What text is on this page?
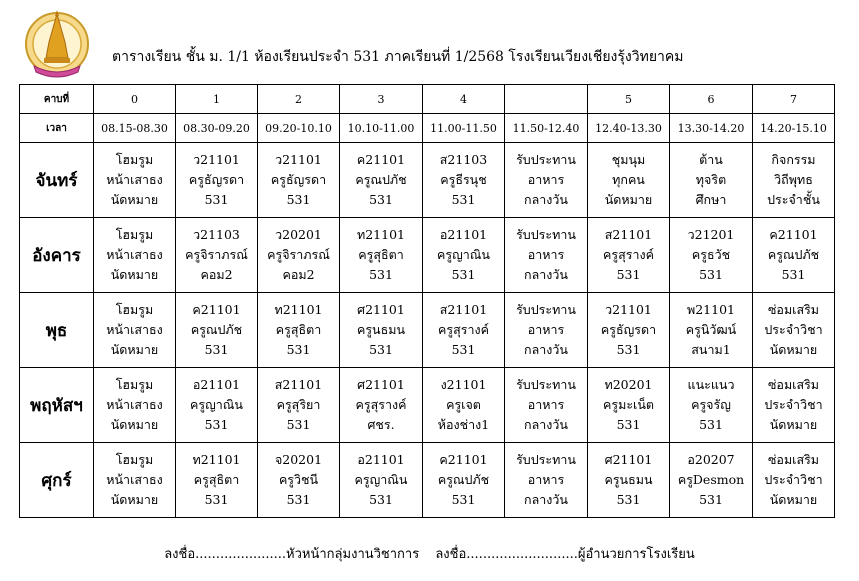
ตารางเรียน ชั้น ม. 1/1 ห้องเรียนประจำ 531 ภาคเรียนที่ 1/2568 โรงเรียนเวียงเชียงรุ้งวิทยาคม
คาบที่	0	1	2	3	4		5	6	7
เวลา	08.15-08.30	08.30-09.20	09.20-10.10	10.10-11.00	11.00-11.50	11.50-12.40	12.40-13.30	13.30-14.20	14.20-15.10
จันทร์	โฮมรูม
หน้าเสาธง
นัดหมาย	ว21101
ครูธัญรดา
531	ว21101
ครูธัญรดา
531	ค21101
ครูณปภัช
531	ส21103
ครูธีรนุช
531	รับประทาน
อาหาร
กลางวัน	ชุมนุม
ทุกคน
นัดหมาย	ต้าน
ทุจริต
ศึกษา	กิจกรรม
วิถีพุทธ
ประจำชั้น

อังคาร	โฮมรูม
หน้าเสาธง
นัดหมาย	ว21103
ครูจิราภรณ์
คอม2	ว20201
ครูจิราภรณ์
คอม2	ท21101
ครูสุธิตา
531	อ21101
ครูญาณิน
531	รับประทาน
อาหาร
กลางวัน	ส21101
ครูสุรางค์
531	ว21201
ครูธวัช
531	ค21101
ครูณปภัช
531

พุธ	โฮมรูม
หน้าเสาธง
นัดหมาย	ค21101
ครูณปภัช
531	ท21101
ครูสุธิตา
531	ศ21101
ครูนธมน
531	ส21101
ครูสุรางค์
531	รับประทาน
อาหาร
กลางวัน	ว21101
ครูธัญรดา
531	พ21101
ครูนิวัฒน์
สนาม1	ซ่อมเสริม
ประจำวิชา
นัดหมาย

พฤหัสฯ	โฮมรูม
หน้าเสาธง
นัดหมาย	อ21101
ครูญาณิน
531	ส21101
ครูสุริยา
531	ศ21101
ครูสุรางค์
ศชร.	ง21101
ครูเจต
ห้องช่าง1	รับประทาน
อาหาร
กลางวัน	ท20201
ครูมะเน็ต
531	แนะแนว
ครูจรัญ
531	ซ่อมเสริม
ประจำวิชา
นัดหมาย

ศุกร์	โฮมรูม
หน้าเสาธง
นัดหมาย	ท21101
ครูสุธิตา
531	จ20201
ครูวิชนี
531	อ21101
ครูญาณิน
531	ค21101
ครูณปภัช
531	รับประทาน
อาหาร
กลางวัน	ศ21101
ครูนธมน
531	อ20207
ครูDesmon
531	ซ่อมเสริม
ประจำวิชา
นัดหมาย
ลงชื่อ......................หัวหน้ากลุ่มงานวิชาการ ลงชื่อ...........................ผู้อำนวยการโรงเรียน
